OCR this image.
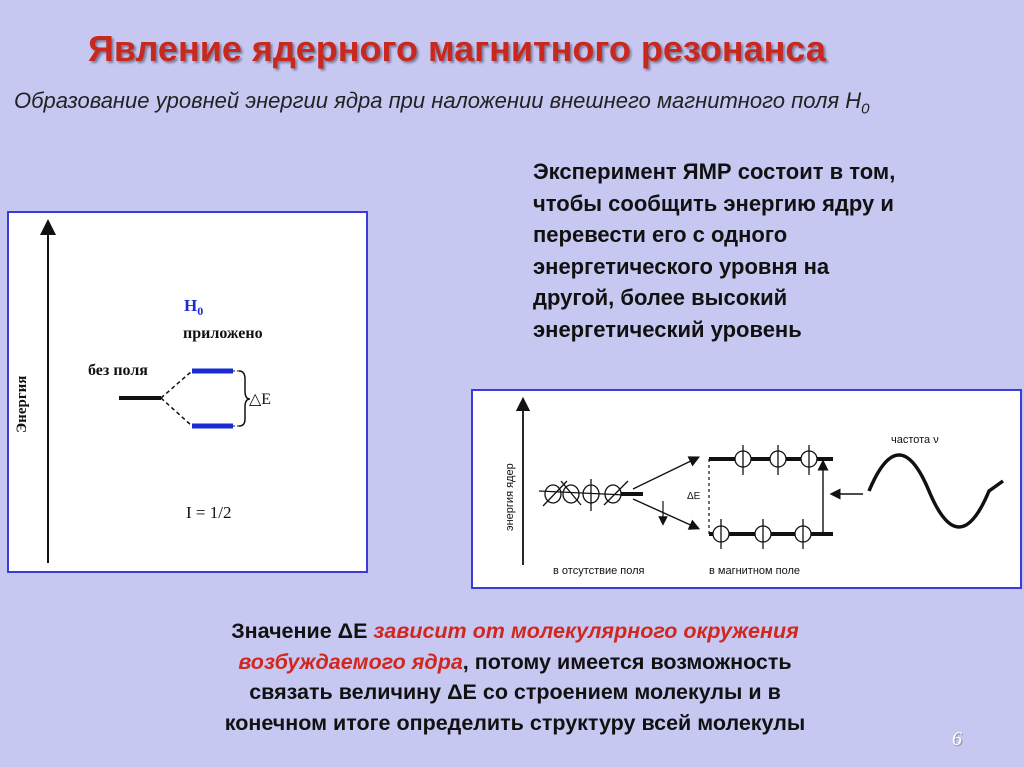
Явление ядерного магнитного резонанса
Образование уровней энергии ядра при наложении внешнего магнитного поля $H_0$
Эксперимент ЯМР состоит в том,
чтобы сообщить энергию ядру и
перевести его с одного
энергетического уровня на
другой, более высокий
энергетический уровень
Энергия
$H_0$
приложено
без поля
△E
I = 1/2	энергия ядер	ΔE
частота ν
в отсутствие поля	в магнитном поле
Значение ΔE зависит от молекулярного окружения
возбуждаемого ядра, потому имеется возможность
связать величину ΔE со строением молекулы и в
конечном итоге определить структуру всей молекулы
6
